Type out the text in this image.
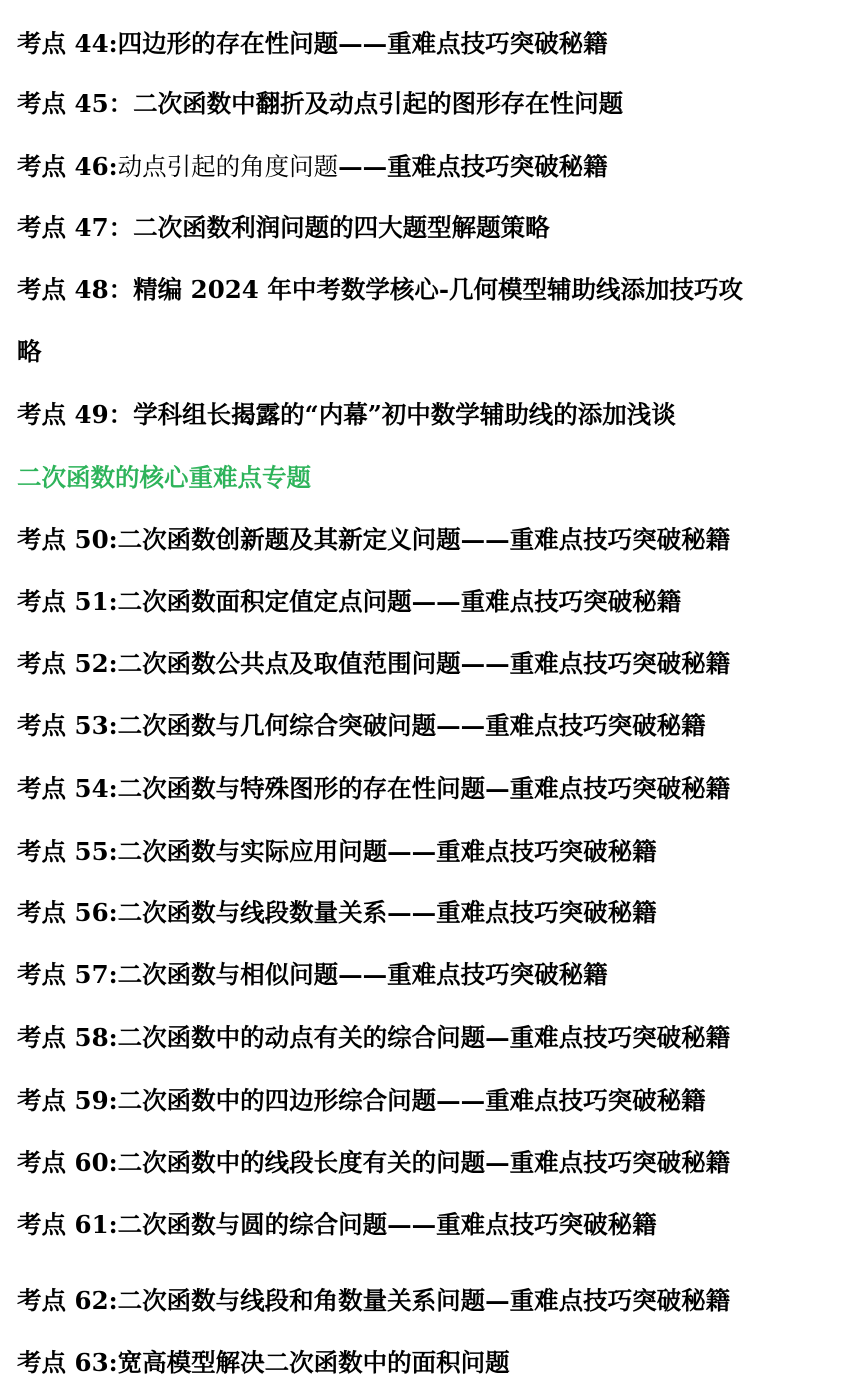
考点 44:四边形的存在性问题——重难点技巧突破秘籍
考点 45：二次函数中翻折及动点引起的图形存在性问题
考点 46:动点引起的角度问题——重难点技巧突破秘籍
考点 47：二次函数利润问题的四大题型解题策略
考点 48：精编 2024 年中考数学核心-几何模型辅助线添加技巧攻
略
考点 49：学科组长揭露的“内幕”初中数学辅助线的添加浅谈
二次函数的核心重难点专题
考点 50:二次函数创新题及其新定义问题——重难点技巧突破秘籍
考点 51:二次函数面积定值定点问题——重难点技巧突破秘籍
考点 52:二次函数公共点及取值范围问题——重难点技巧突破秘籍
考点 53:二次函数与几何综合突破问题——重难点技巧突破秘籍
考点 54:二次函数与特殊图形的存在性问题—重难点技巧突破秘籍
考点 55:二次函数与实际应用问题——重难点技巧突破秘籍
考点 56:二次函数与线段数量关系——重难点技巧突破秘籍
考点 57:二次函数与相似问题——重难点技巧突破秘籍
考点 58:二次函数中的动点有关的综合问题—重难点技巧突破秘籍
考点 59:二次函数中的四边形综合问题——重难点技巧突破秘籍
考点 60:二次函数中的线段长度有关的问题—重难点技巧突破秘籍
考点 61:二次函数与圆的综合问题——重难点技巧突破秘籍
考点 62:二次函数与线段和角数量关系问题—重难点技巧突破秘籍
考点 63:宽高模型解决二次函数中的面积问题
